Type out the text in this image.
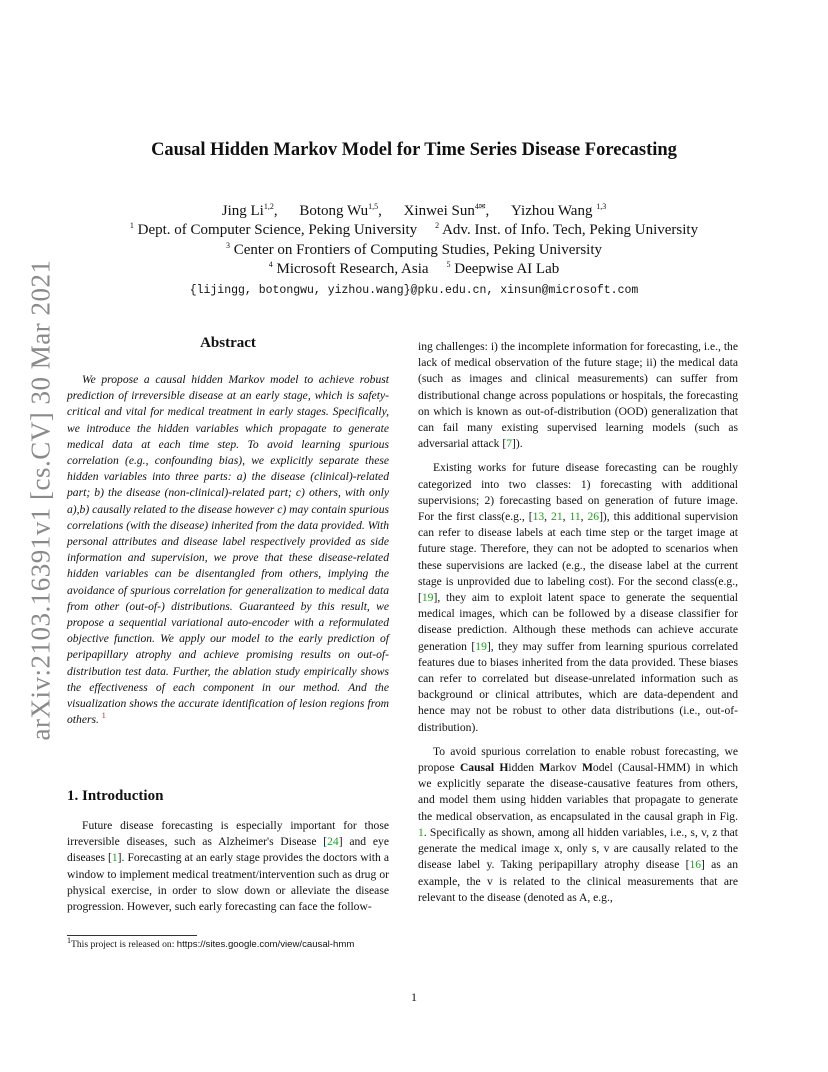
arXiv:2103.16391v1 [cs.CV] 30 Mar 2021
Causal Hidden Markov Model for Time Series Disease Forecasting
Jing Li$^{1,2}$, Botong Wu$^{1,5}$, Xinwei Sun$^{4✉}$, Yizhou Wang $^{1,3}$
$^1$ Dept. of Computer Science, Peking University $^2$ Adv. Inst. of Info. Tech, Peking University
$^3$ Center on Frontiers of Computing Studies, Peking University
$^4$ Microsoft Research, Asia $^5$ Deepwise AI Lab
{lijingg, botongwu, yizhou.wang}@pku.edu.cn, xinsun@microsoft.com
Abstract

We propose a causal hidden Markov model to achieve robust prediction of irreversible disease at an early stage, which is safety-critical and vital for medical treatment in early stages. Specifically, we introduce the hidden variables which propagate to generate medical data at each time step. To avoid learning spurious correlation (e.g., confounding bias), we explicitly separate these hidden variables into three parts: a) the disease (clinical)-related part; b) the disease (non-clinical)-related part; c) others, with only a),b) causally related to the disease however c) may contain spurious correlations (with the disease) inherited from the data provided. With personal attributes and disease label respectively provided as side information and supervision, we prove that these disease-related hidden variables can be disentangled from others, implying the avoidance of spurious correlation for generalization to medical data from other (out-of-) distributions. Guaranteed by this result, we propose a sequential variational auto-encoder with a reformulated objective function. We apply our model to the early prediction of peripapillary atrophy and achieve promising results on out-of-distribution test data. Further, the ablation study empirically shows the effectiveness of each component in our method. And the visualization shows the accurate identification of lesion regions from others. $^1$

1. Introduction

Future disease forecasting is especially important for those irreversible diseases, such as Alzheimer's Disease [24] and eye diseases [1]. Forecasting at an early stage provides the doctors with a window to implement medical treatment/intervention such as drug or physical exercise, in order to slow down or alleviate the disease progression. However, such early forecasting can face the follow-

$^1$This project is released on: https://sites.google.com/view/causal-hmm

ing challenges: i) the incomplete information for forecasting, i.e., the lack of medical observation of the future stage; ii) the medical data (such as images and clinical measurements) can suffer from distributional change across populations or hospitals, the forecasting on which is known as out-of-distribution (OOD) generalization that can fail many existing supervised learning models (such as adversarial attack [7]).

Existing works for future disease forecasting can be roughly categorized into two classes: 1) forecasting with additional supervisions; 2) forecasting based on generation of future image. For the first class(e.g., [13, 21, 11, 26]), this additional supervision can refer to disease labels at each time step or the target image at future stage. Therefore, they can not be adopted to scenarios when these supervisions are lacked (e.g., the disease label at the current stage is unprovided due to labeling cost). For the second class(e.g., [19], they aim to exploit latent space to generate the sequential medical images, which can be followed by a disease classifier for disease prediction. Although these methods can achieve accurate generation [19], they may suffer from learning spurious correlated features due to biases inherited from the data provided. These biases can refer to correlated but disease-unrelated information such as background or clinical attributes, which are data-dependent and hence may not be robust to other data distributions (i.e., out-of-distribution).

To avoid spurious correlation to enable robust forecasting, we propose Causal Hidden Markov Model (Causal-HMM) in which we explicitly separate the disease-causative features from others, and model them using hidden variables that propagate to generate the medical observation, as encapsulated in the causal graph in Fig. 1. Specifically as shown, among all hidden variables, i.e., s, v, z that generate the medical image x, only s, v are causally related to the disease label y. Taking peripapillary atrophy disease [16] as an example, the v is related to the clinical measurements that are relevant to the disease (denoted as A, e.g.,

1
